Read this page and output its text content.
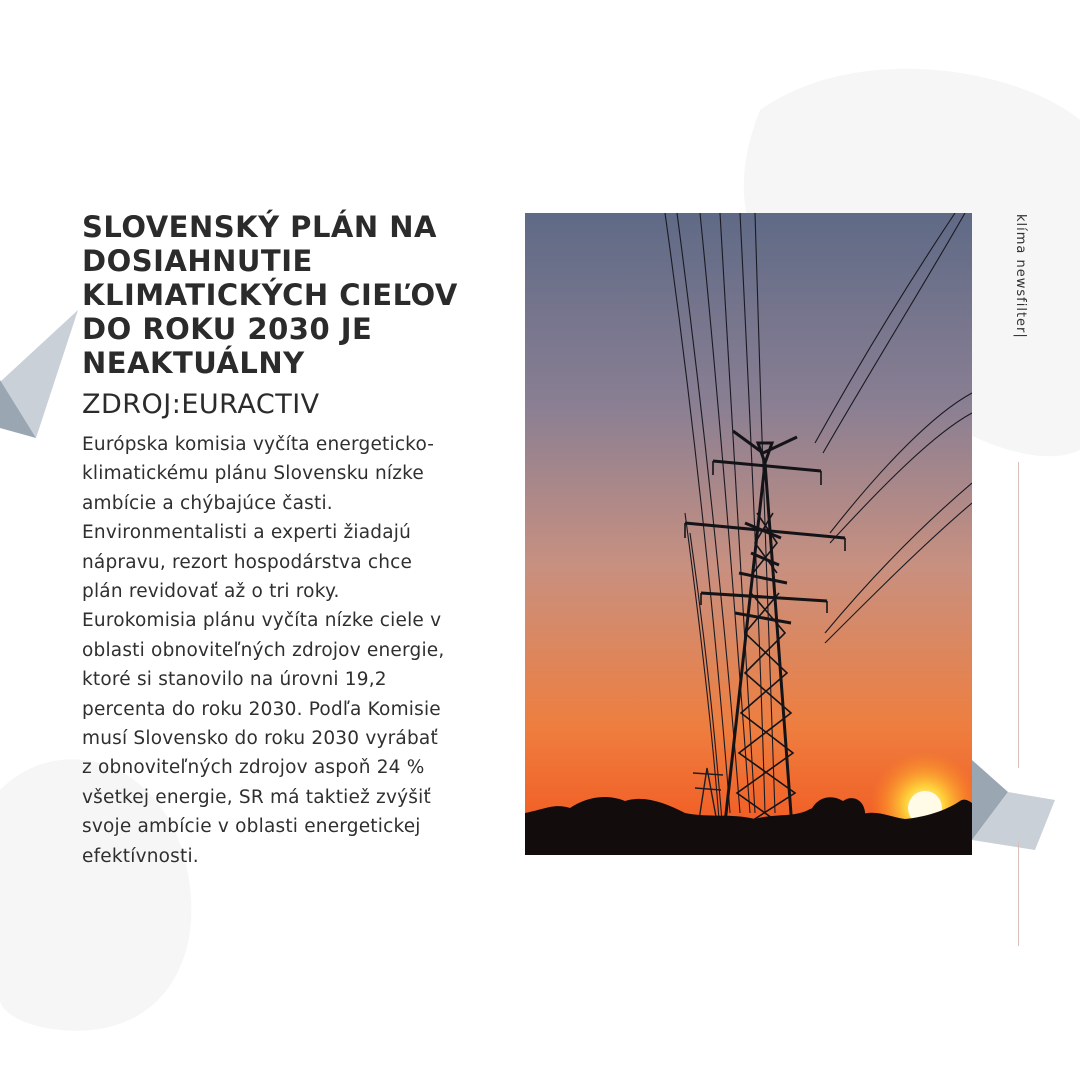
SLOVENSKÝ PLÁN NA DOSIAHNUTIE KLIMATICKÝCH CIEĽOV DO ROKU 2030 JE NEAKTUÁLNY
ZDROJ:EURACTIV

Európska komisia vyčíta energeticko-
klimatickému plánu Slovensku nízke
ambície a chýbajúce časti.
Environmentalisti a experti žiadajú
nápravu, rezort hospodárstva chce
plán revidovať až o tri roky.
Eurokomisia plánu vyčíta nízke ciele v
oblasti obnoviteľných zdrojov energie,
ktoré si stanovilo na úrovni 19,2
percenta do roku 2030. Podľa Komisie
musí Slovensko do roku 2030 vyrábať
z obnoviteľných zdrojov aspoň 24 %
všetkej energie, SR má taktiež zvýšiť
svoje ambície v oblasti energetickej
efektívnosti.

klíma newsfilter|
